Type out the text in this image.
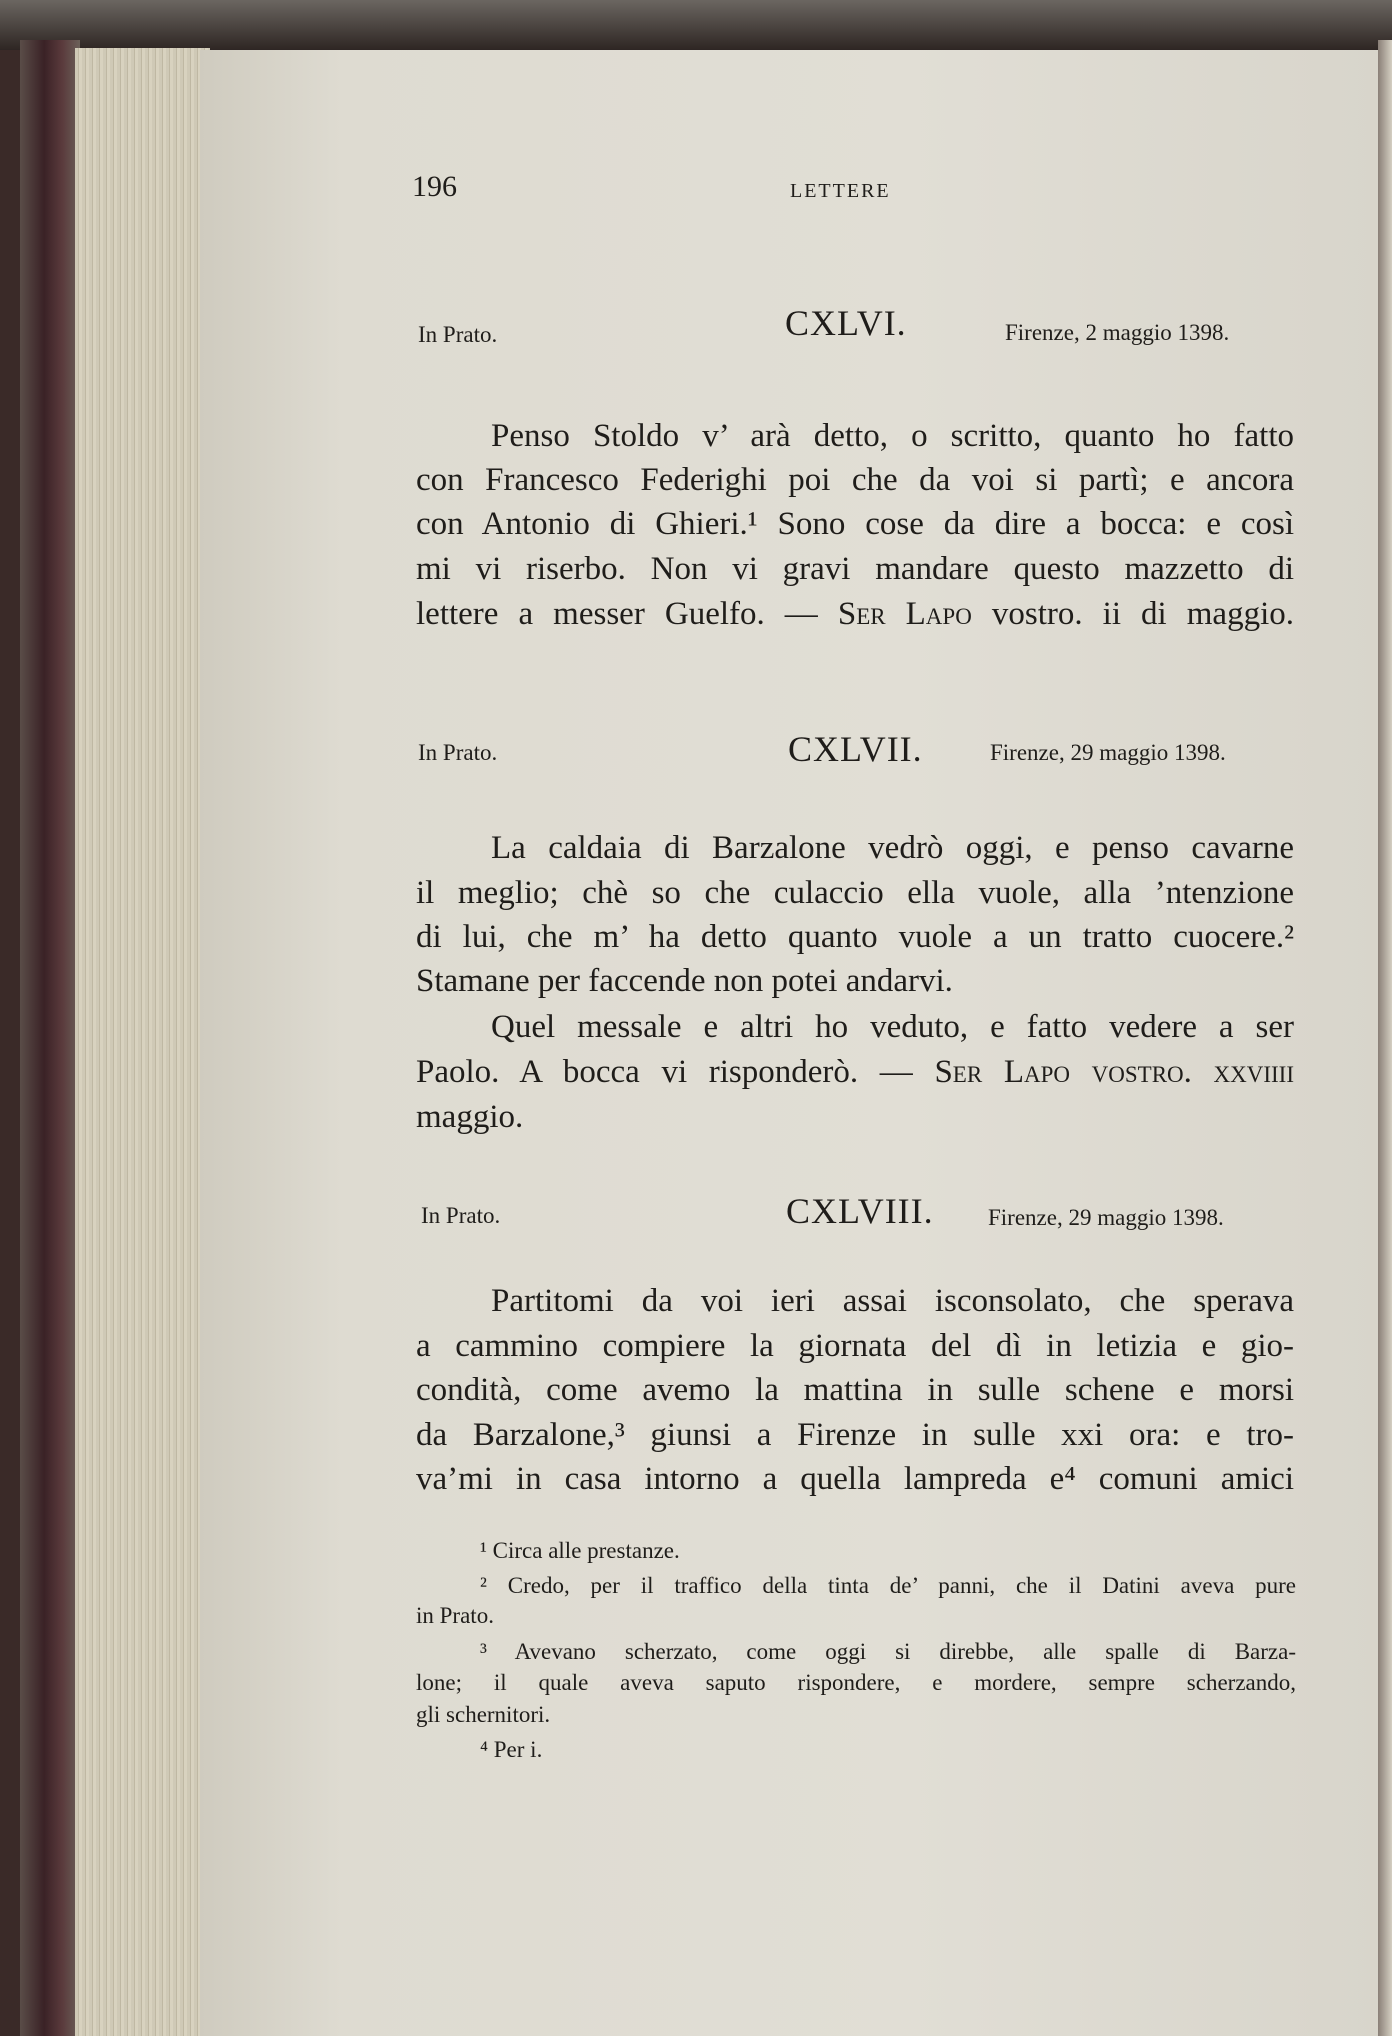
196	LETTERE
In Prato.	CXLVI.	Firenze, 2 maggio 1398.
Penso Stoldo v’ arà detto, o scritto, quanto ho fatto
con Francesco Federighi poi che da voi si partì; e ancora
con Antonio di Ghieri.¹ Sono cose da dire a bocca: e così
mi vi riserbo. Non vi gravi mandare questo mazzetto di
lettere a messer Guelfo. — Ser Lapo vostro. ii di maggio.
In Prato.	CXLVII.	Firenze, 29 maggio 1398.
La caldaia di Barzalone vedrò oggi, e penso cavarne
il meglio; chè so che culaccio ella vuole, alla ’ntenzione
di lui, che m’ ha detto quanto vuole a un tratto cuocere.²
Stamane per faccende non potei andarvi.
Quel messale e altri ho veduto, e fatto vedere a ser
Paolo. A bocca vi risponderò. — Ser Lapo vostro. xxviiii
maggio.
In Prato.	CXLVIII. Firenze, 29 maggio 1398.
Partitomi da voi ieri assai isconsolato, che sperava
a cammino compiere la giornata del dì in letizia e gio-
condità, come avemo la mattina in sulle schene e morsi
da Barzalone,³ giunsi a Firenze in sulle xxi ora: e tro-
va’mi in casa intorno a quella lampreda e⁴ comuni amici
¹ Circa alle prestanze.
² Credo, per il traffico della tinta de’ panni, che il Datini aveva pure
in Prato.
³ Avevano scherzato, come oggi si direbbe, alle spalle di Barza-
lone; il quale aveva saputo rispondere, e mordere, sempre scherzando,
gli schernitori.
⁴ Per i.
